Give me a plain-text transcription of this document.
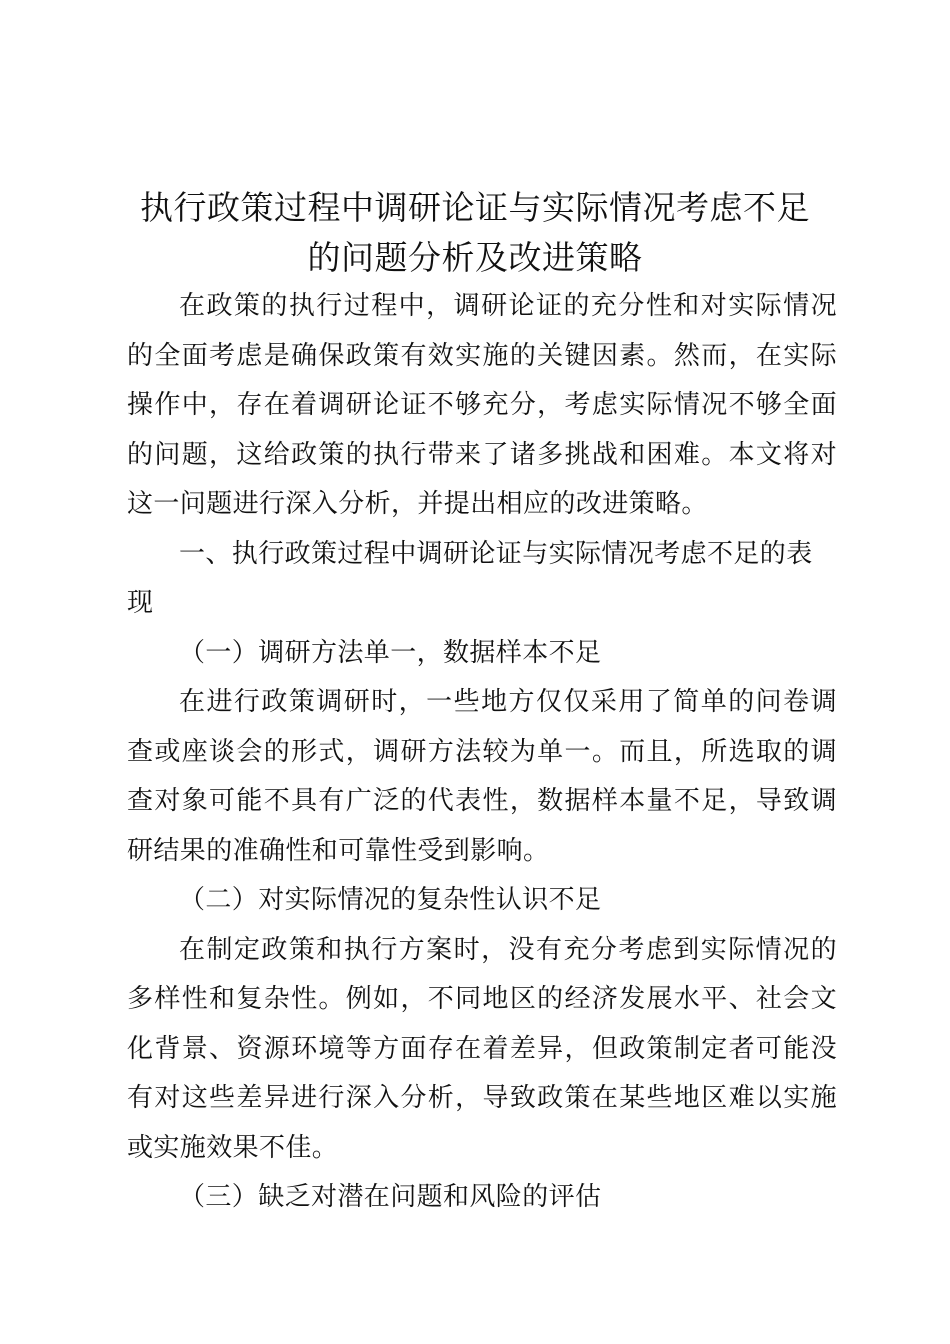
执行政策过程中调研论证与实际情况考虑不足
的问题分析及改进策略

在政策的执行过程中，调研论证的充分性和对实际情况的全面考虑是确保政策有效实施的关键因素。然而，在实际操作中，存在着调研论证不够充分，考虑实际情况不够全面的问题，这给政策的执行带来了诸多挑战和困难。本文将对这一问题进行深入分析，并提出相应的改进策略。

一、执行政策过程中调研论证与实际情况考虑不足的表现

（一）调研方法单一，数据样本不足

在进行政策调研时，一些地方仅仅采用了简单的问卷调查或座谈会的形式，调研方法较为单一。而且，所选取的调查对象可能不具有广泛的代表性，数据样本量不足，导致调研结果的准确性和可靠性受到影响。

（二）对实际情况的复杂性认识不足

在制定政策和执行方案时，没有充分考虑到实际情况的多样性和复杂性。例如，不同地区的经济发展水平、社会文化背景、资源环境等方面存在着差异，但政策制定者可能没有对这些差异进行深入分析，导致政策在某些地区难以实施或实施效果不佳。

（三）缺乏对潜在问题和风险的评估
